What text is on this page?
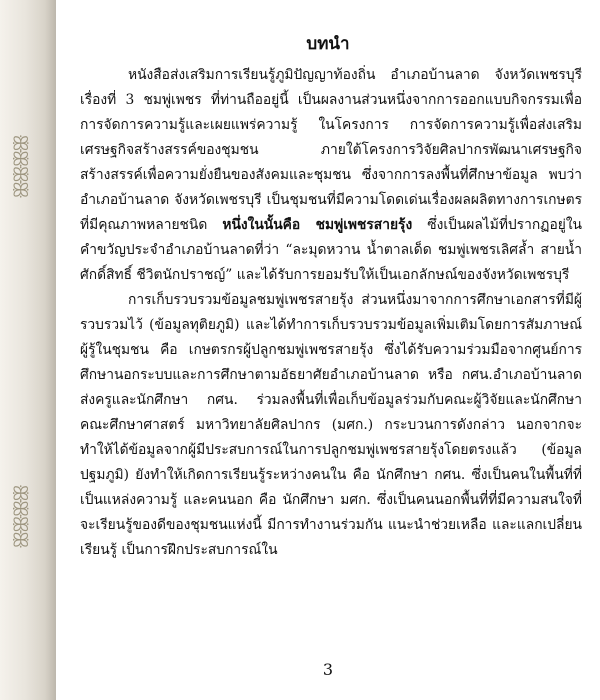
ꕥꕥꕥꕥ
ꕥꕥꕥꕥ
บทนำ

หนังสือส่งเสริมการเรียนรู้ภูมิปัญญาท้องถิ่น อำเภอบ้านลาด จังหวัดเพชรบุรี เรื่องที่ 3 ชมพู่เพชร ที่ท่านถืออยู่นี้ เป็นผลงานส่วนหนึ่งจากการออกแบบกิจกรรมเพื่อการจัดการความรู้และเผยแพร่ความรู้ ในโครงการ การจัดการความรู้เพื่อส่งเสริมเศรษฐกิจสร้างสรรค์ของชุมชน ภายใต้โครงการวิจัยศิลปากรพัฒนาเศรษฐกิจสร้างสรรค์เพื่อความยั่งยืนของสังคมและชุมชน ซึ่งจากการลงพื้นที่ศึกษาข้อมูล พบว่า อำเภอบ้านลาด จังหวัดเพชรบุรี เป็นชุมชนที่มีความโดดเด่นเรื่องผลผลิตทางการเกษตรที่มีคุณภาพหลายชนิด หนึ่งในนั้นคือ ชมพู่เพชรสายรุ้ง ซึ่งเป็นผลไม้ที่ปรากฏอยู่ในคำขวัญประจำอำเภอบ้านลาดที่ว่า “ละมุดหวาน น้ำตาลเด็ด ชมพู่เพชรเลิศล้ำ สายน้ำศักดิ์สิทธิ์ ชีวิตนักปราชญ์” และได้รับการยอมรับให้เป็นเอกลักษณ์ของจังหวัดเพชรบุรี

การเก็บรวบรวมข้อมูลชมพู่เพชรสายรุ้ง ส่วนหนึ่งมาจากการศึกษาเอกสารที่มีผู้รวบรวมไว้ (ข้อมูลทุติยภูมิ) และได้ทำการเก็บรวบรวมข้อมูลเพิ่มเติมโดยการสัมภาษณ์ผู้รู้ในชุมชน คือ เกษตรกรผู้ปลูกชมพู่เพชรสายรุ้ง ซึ่งได้รับความร่วมมือจากศูนย์การศึกษานอกระบบและการศึกษาตามอัธยาศัยอำเภอบ้านลาด หรือ กศน.อำเภอบ้านลาด ส่งครูและนักศึกษา กศน. ร่วมลงพื้นที่เพื่อเก็บข้อมูลร่วมกับคณะผู้วิจัยและนักศึกษาคณะศึกษาศาสตร์ มหาวิทยาลัยศิลปากร (มศก.) กระบวนการดังกล่าว นอกจากจะทำให้ได้ข้อมูลจากผู้มีประสบการณ์ในการปลูกชมพู่เพชรสายรุ้งโดยตรงแล้ว (ข้อมูลปฐมภูมิ) ยังทำให้เกิดการเรียนรู้ระหว่างคนใน คือ นักศึกษา กศน. ซึ่งเป็นคนในพื้นที่ที่เป็นแหล่งความรู้ และคนนอก คือ นักศึกษา มศก. ซึ่งเป็นคนนอกพื้นที่ที่มีความสนใจที่จะเรียนรู้ของดีของชุมชนแห่งนี้ มีการทำงานร่วมกัน แนะนำช่วยเหลือ และแลกเปลี่ยนเรียนรู้ เป็นการฝึกประสบการณ์ใน

3
